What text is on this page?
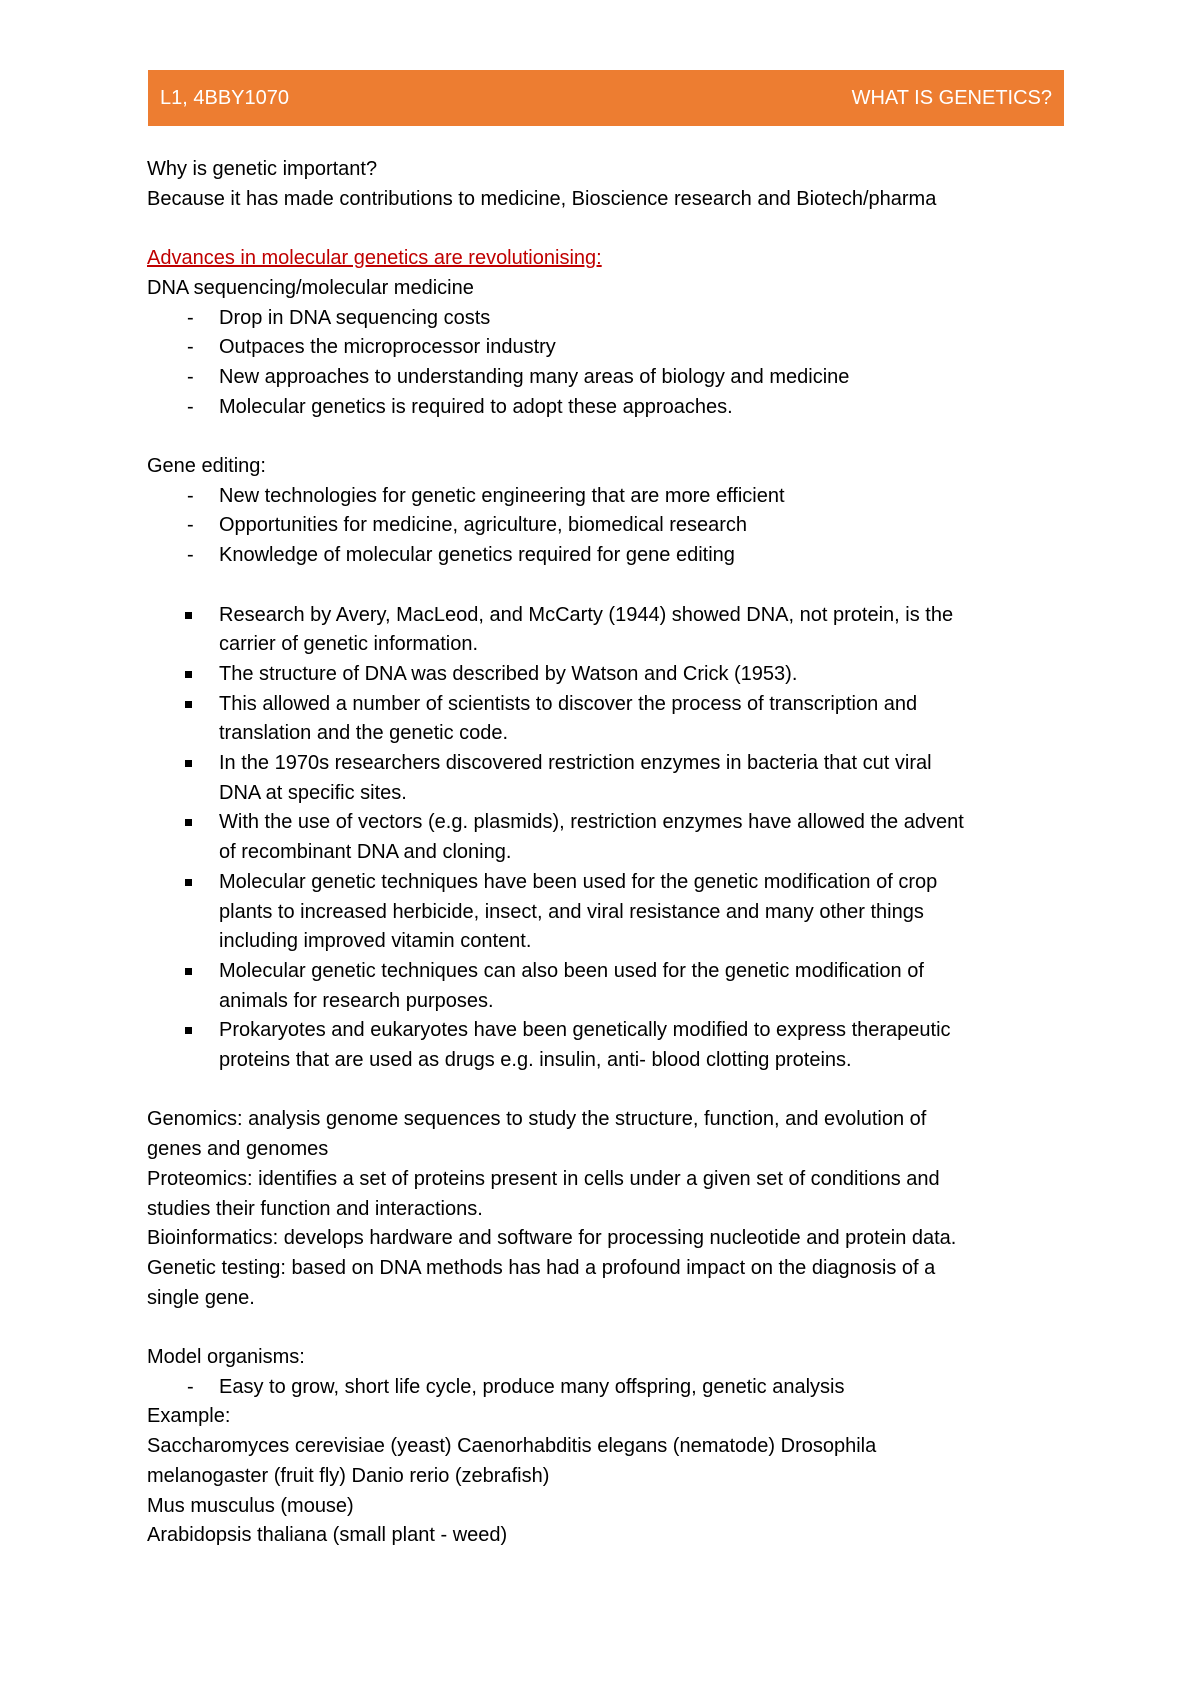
L1, 4BBY1070	WHAT IS GENETICS?
Why is genetic important?
Because it has made contributions to medicine, Bioscience research and Biotech/pharma
Advances in molecular genetics are revolutionising:
DNA sequencing/molecular medicine
- Drop in DNA sequencing costs
- Outpaces the microprocessor industry
- New approaches to understanding many areas of biology and medicine
- Molecular genetics is required to adopt these approaches.
Gene editing:
- New technologies for genetic engineering that are more efficient
- Opportunities for medicine, agriculture, biomedical research
- Knowledge of molecular genetics required for gene editing
Research by Avery, MacLeod, and McCarty (1944) showed DNA, not protein, is the
carrier of genetic information.
The structure of DNA was described by Watson and Crick (1953).
This allowed a number of scientists to discover the process of transcription and
translation and the genetic code.
In the 1970s researchers discovered restriction enzymes in bacteria that cut viral
DNA at specific sites.
With the use of vectors (e.g. plasmids), restriction enzymes have allowed the advent
of recombinant DNA and cloning.
Molecular genetic techniques have been used for the genetic modification of crop
plants to increased herbicide, insect, and viral resistance and many other things
including improved vitamin content.
Molecular genetic techniques can also been used for the genetic modification of
animals for research purposes.
Prokaryotes and eukaryotes have been genetically modified to express therapeutic
proteins that are used as drugs e.g. insulin, anti- blood clotting proteins.
Genomics: analysis genome sequences to study the structure, function, and evolution of
genes and genomes
Proteomics: identifies a set of proteins present in cells under a given set of conditions and
studies their function and interactions.
Bioinformatics: develops hardware and software for processing nucleotide and protein data.
Genetic testing: based on DNA methods has had a profound impact on the diagnosis of a
single gene.
Model organisms:
- Easy to grow, short life cycle, produce many offspring, genetic analysis
Example:
Saccharomyces cerevisiae (yeast) Caenorhabditis elegans (nematode) Drosophila
melanogaster (fruit fly) Danio rerio (zebrafish)
Mus musculus (mouse)
Arabidopsis thaliana (small plant - weed)
